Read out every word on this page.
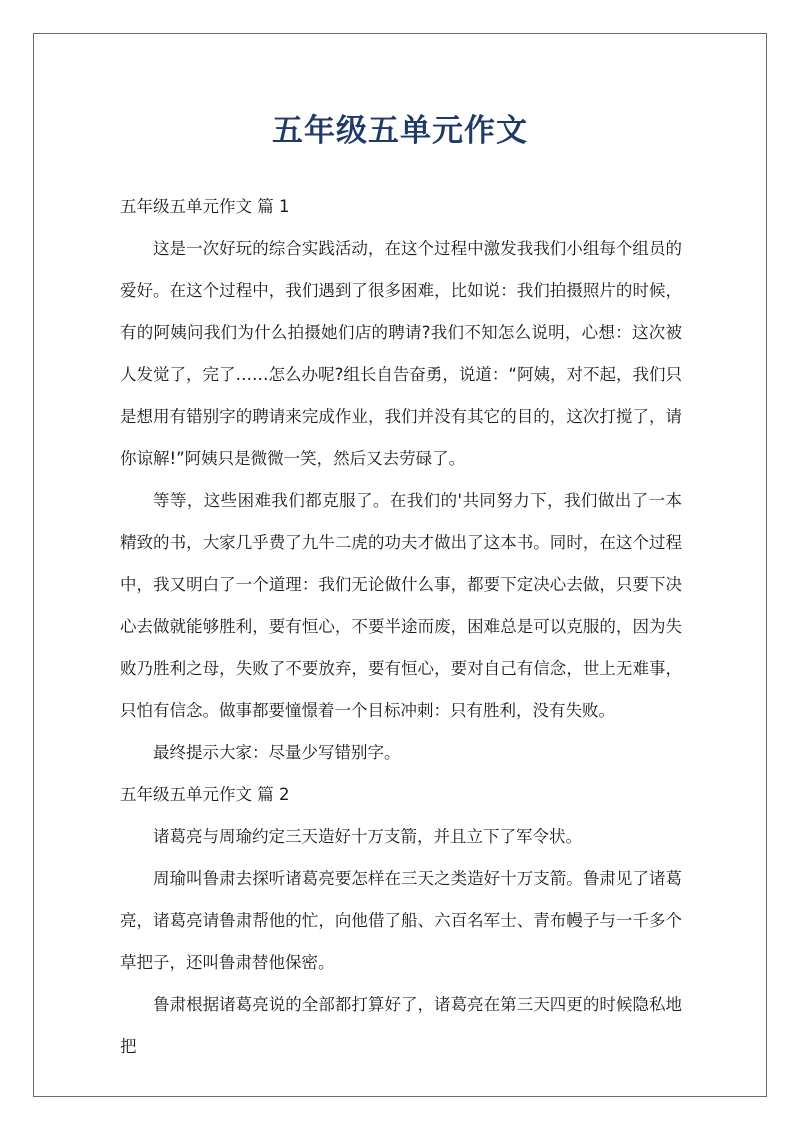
五年级五单元作文
五年级五单元作文 篇 1

这是一次好玩的综合实践活动，在这个过程中激发我我们小组每个组员的爱好。在这个过程中，我们遇到了很多困难，比如说：我们拍摄照片的时候，有的阿姨问我们为什么拍摄她们店的聘请?我们不知怎么说明，心想：这次被人发觉了，完了……怎么办呢?组长自告奋勇，说道：“阿姨，对不起，我们只是想用有错别字的聘请来完成作业，我们并没有其它的目的，这次打搅了，请你谅解!”阿姨只是微微一笑，然后又去劳碌了。

等等，这些困难我们都克服了。在我们的'共同努力下，我们做出了一本精致的书，大家几乎费了九牛二虎的功夫才做出了这本书。同时，在这个过程中，我又明白了一个道理：我们无论做什么事，都要下定决心去做，只要下决心去做就能够胜利，要有恒心，不要半途而废，困难总是可以克服的，因为失败乃胜利之母，失败了不要放弃，要有恒心，要对自己有信念，世上无难事，只怕有信念。做事都要憧憬着一个目标冲刺：只有胜利，没有失败。

最终提示大家：尽量少写错别字。

五年级五单元作文 篇 2

诸葛亮与周瑜约定三天造好十万支箭，并且立下了军令状。

周瑜叫鲁肃去探听诸葛亮要怎样在三天之类造好十万支箭。鲁肃见了诸葛亮，诸葛亮请鲁肃帮他的忙，向他借了船、六百名军士、青布幔子与一千多个草把子，还叫鲁肃替他保密。

鲁肃根据诸葛亮说的全部都打算好了，诸葛亮在第三天四更的时候隐私地把
